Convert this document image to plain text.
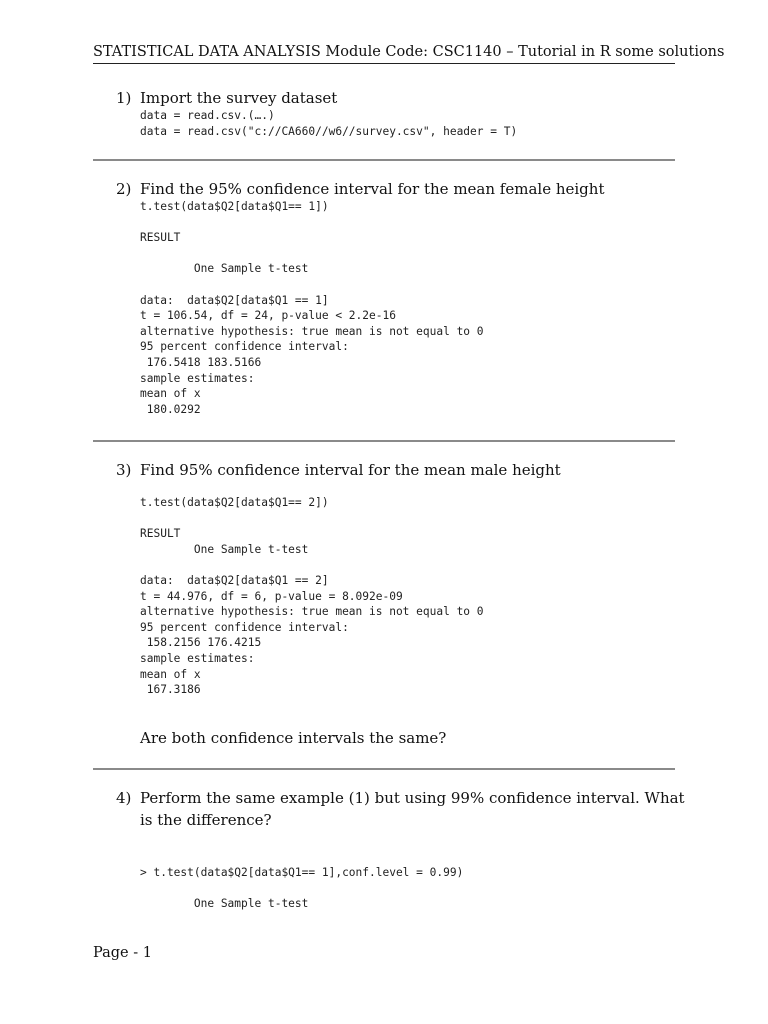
STATISTICAL DATA ANALYSIS Module Code: CSC1140 – Tutorial in R some solutions
1) Import the survey dataset
data = read.csv.(….)
data = read.csv("c://CA660//w6//survey.csv", header = T)
2) Find the 95% confidence interval for the mean female height
t.test(data$Q2[data$Q1== 1])

RESULT

One Sample t-test

data:  data$Q2[data$Q1 == 1]
t = 106.54, df = 24, p-value < 2.2e-16
alternative hypothesis: true mean is not equal to 0
95 percent confidence interval:
176.5418 183.5166
sample estimates:
mean of x
180.0292
3) Find 95% confidence interval for the mean male height
t.test(data$Q2[data$Q1== 2])

RESULT
One Sample t-test

data:  data$Q2[data$Q1 == 2]
t = 44.976, df = 6, p-value = 8.092e-09
alternative hypothesis: true mean is not equal to 0
95 percent confidence interval:
158.2156 176.4215
sample estimates:
mean of x
167.3186
Are both confidence intervals the same?
4) Perform the same example (1) but using 99% confidence interval. What
is the difference?
> t.test(data$Q2[data$Q1== 1],conf.level = 0.99)
One Sample t-test
Page - 1
